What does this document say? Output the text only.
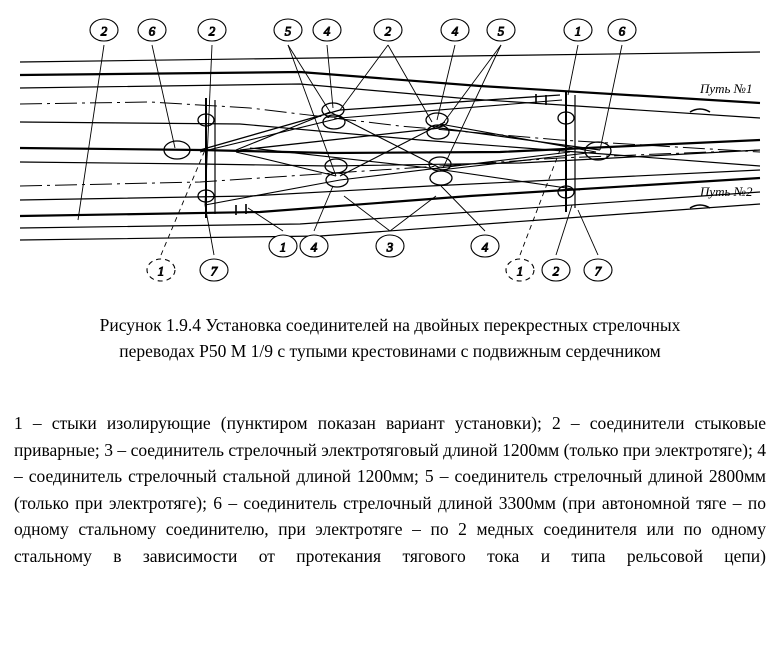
2	6	2	5	4	2	4	5	1	6
1 4	3	4
1	7	1 2	7
Путь №1
Путь №2
Рисунок 1.9.4 Установка соединителей на двойных перекрестных стрелочных
переводах Р50 М 1/9 с тупыми крестовинами с подвижным сердечником

1 – стыки изолирующие (пунктиром показан вариант установки); 2 – соединители стыковые приварные; 3 – соединитель стрелочный электротяговый длиной 1200мм (только при электротяге); 4 – соединитель стрелочный стальной длиной 1200мм; 5 – соединитель стрелочный длиной 2800мм (только при электротяге); 6 – соединитель стрелочный длиной 3300мм (при автономной тяге – по одному стальному соединителю, при электротяге – по 2 медных соединителя или по одному стальному в зависимости от протекания тягового тока и типа рельсовой цепи)
